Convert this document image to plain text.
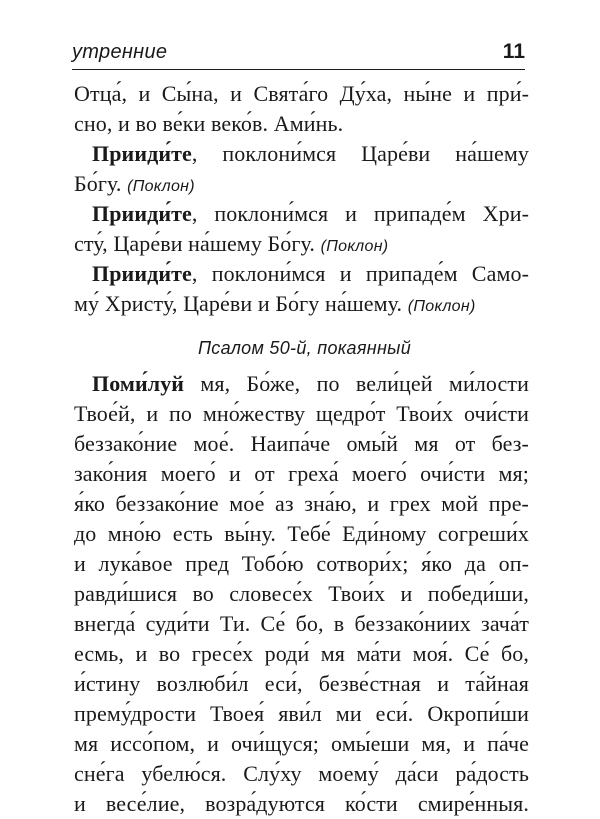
утренние	11
Отца́, и Сы́на, и Свята́го Ду́ха, ны́не и при́-
сно, и во ве́ки веко́в. Ами́нь.
Прииди́те, поклони́мся Царе́ви на́шему
Бо́гу. (Поклон)
Прииди́те, поклони́мся и припаде́м Хри-
сту́, Царе́ви на́шему Бо́гу. (Поклон)
Прииди́те, поклони́мся и припаде́м Само-
му́ Христу́, Царе́ви и Бо́гу на́шему. (Поклон)
Псалом 50-й, покаянный
Поми́луй мя, Бо́же, по вели́цей ми́лости
Твое́й, и по мно́жеству щедро́т Твои́х очи́сти
беззако́ние мое́. Наипа́че омы́й мя от без-
зако́ния моего́ и от греха́ моего́ очи́сти мя;
я́ко беззако́ние мое́ аз зна́ю, и грех мой пре-
до мно́ю есть вы́ну. Тебе́ Еди́ному согреши́х
и лука́вое пред Тобо́ю сотвори́х; я́ко да оп-
равди́шися во словесе́х Твои́х и победи́ши,
внегда́ суди́ти Ти. Се́ бо, в беззако́ниих зача́т
есмь, и во гресе́х роди́ мя ма́ти моя́. Се́ бо,
и́стину возлюби́л еси́, безве́стная и та́йная
прему́дрости Твоея́ яви́л ми еси́. Окропи́ши
мя иссо́пом, и очи́щуся; омы́еши мя, и па́че
сне́га убелю́ся. Слу́ху моему́ да́си ра́дость
и весе́лие, возра́дуются ко́сти смире́нныя.
